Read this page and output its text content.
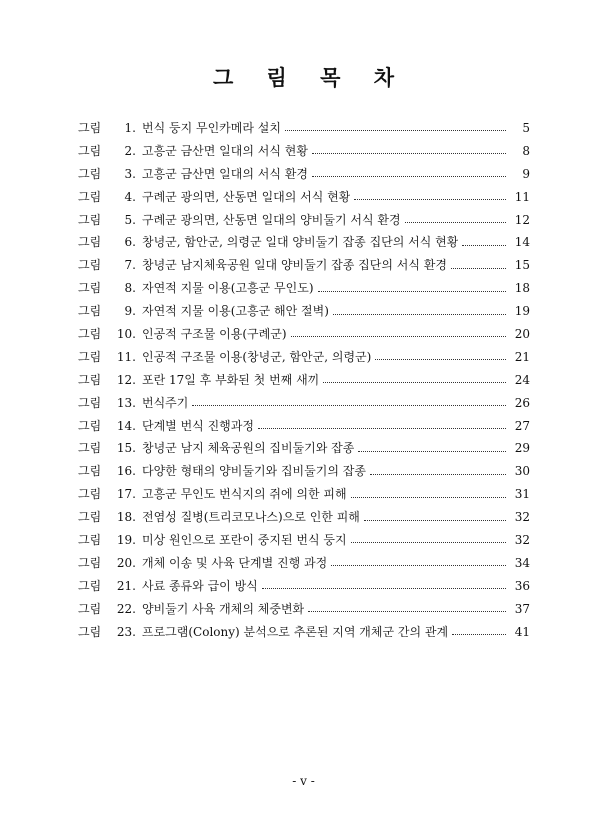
그 림 목 차
그림	1. 번식 둥지 무인카메라 설치	5
그림	2. 고흥군 금산면 일대의 서식 현황	8
그림	3. 고흥군 금산면 일대의 서식 환경	9
그림	4. 구례군 광의면, 산동면 일대의 서식 현황	11
그림	5. 구례군 광의면, 산동면 일대의 양비둘기 서식 환경	12
그림	6. 창녕군, 함안군, 의령군 일대 양비둘기 잡종 집단의 서식 현황	14
그림	7. 창녕군 남지체육공원 일대 양비둘기 잡종 집단의 서식 환경	15
그림	8. 자연적 지물 이용(고흥군 무인도)	18
그림	9. 자연적 지물 이용(고흥군 해안 절벽)	19
그림	10. 인공적 구조물 이용(구례군)	20
그림	11. 인공적 구조물 이용(창녕군, 함안군, 의령군)	21
그림	12. 포란 17일 후 부화된 첫 번째 새끼	24
그림	13. 번식주기	26
그림	14. 단계별 번식 진행과정	27
그림	15. 창녕군 남지 체육공원의 집비둘기와 잡종	29
그림	16. 다양한 형태의 양비둘기와 집비둘기의 잡종	30
그림	17. 고흥군 무인도 번식지의 쥐에 의한 피해	31
그림	18. 전염성 질병(트리코모나스)으로 인한 피해	32
그림	19. 미상 원인으로 포란이 중지된 번식 둥지	32
그림	20. 개체 이송 및 사육 단계별 진행 과정	34
그림	21. 사료 종류와 급이 방식	36
그림	22. 양비둘기 사육 개체의 체중변화	37
그림	23. 프로그램(Colony) 분석으로 추론된 지역 개체군 간의 관계	41
- v -
